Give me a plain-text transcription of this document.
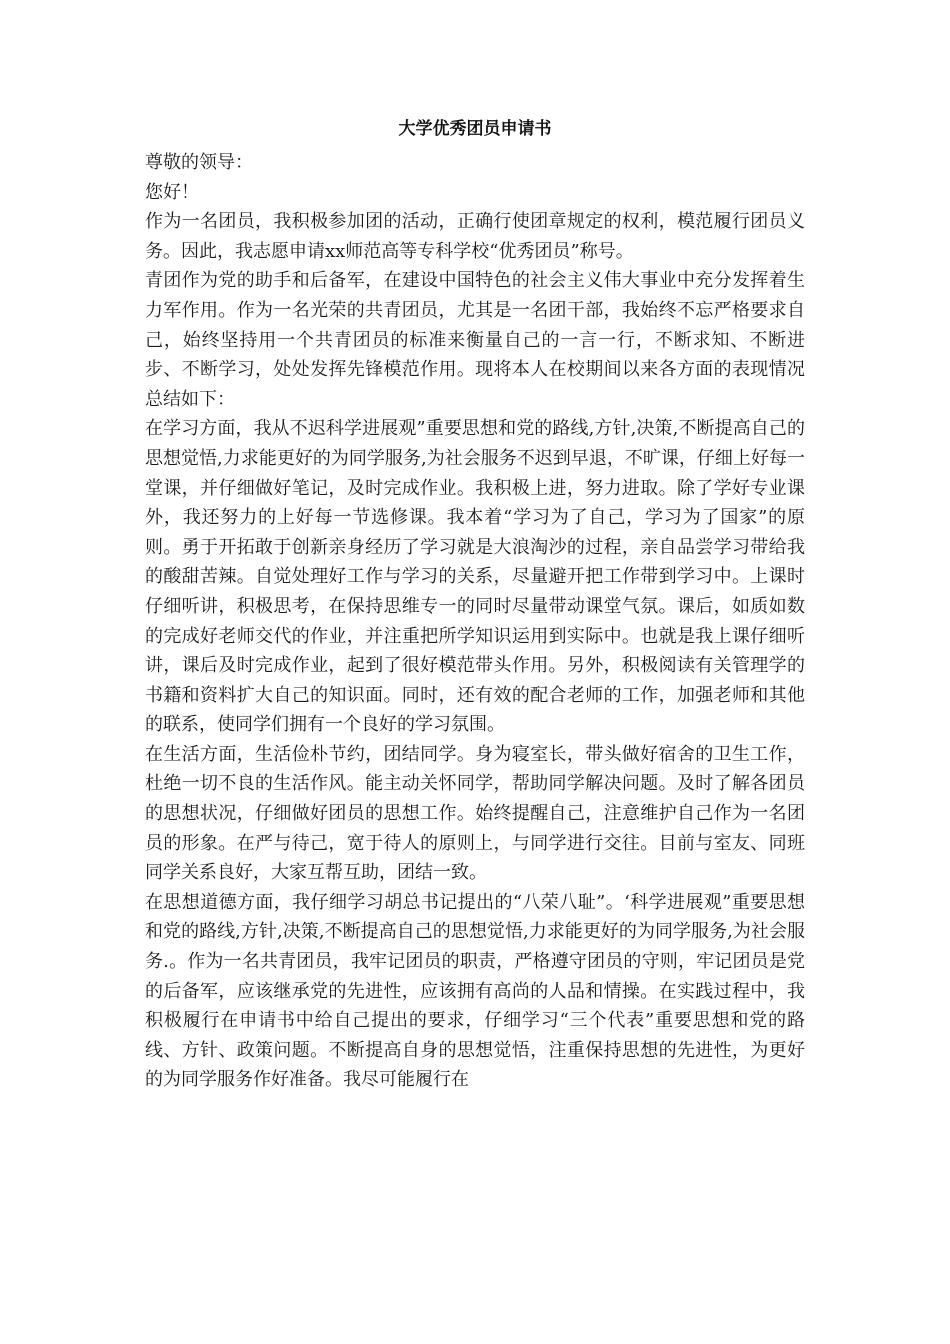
大学优秀团员申请书

尊敬的领导：

您好！

作为一名团员，我积极参加团的活动，正确行使团章规定的权利，模范履行团员义务。因此，我志愿申请xx师范高等专科学校“优秀团员”称号。

青团作为党的助手和后备军，在建设中国特色的社会主义伟大事业中充分发挥着生力军作用。作为一名光荣的共青团员，尤其是一名团干部，我始终不忘严格要求自己，始终坚持用一个共青团员的标准来衡量自己的一言一行，不断求知、不断进步、不断学习，处处发挥先锋模范作用。现将本人在校期间以来各方面的表现情况总结如下：

在学习方面，我从不迟科学进展观”重要思想和党的路线,方针,决策,不断提高自己的思想觉悟,力求能更好的为同学服务,为社会服务不迟到早退，不旷课，仔细上好每一堂课，并仔细做好笔记，及时完成作业。我积极上进，努力进取。除了学好专业课外，我还努力的上好每一节选修课。我本着“学习为了自己，学习为了国家”的原则。勇于开拓敢于创新亲身经历了学习就是大浪淘沙的过程，亲自品尝学习带给我的酸甜苦辣。自觉处理好工作与学习的关系，尽量避开把工作带到学习中。上课时仔细听讲，积极思考，在保持思维专一的同时尽量带动课堂气氛。课后，如质如数的完成好老师交代的作业，并注重把所学知识运用到实际中。也就是我上课仔细听讲，课后及时完成作业，起到了很好模范带头作用。另外，积极阅读有关管理学的书籍和资料扩大自己的知识面。同时，还有效的配合老师的工作，加强老师和其他的联系，使同学们拥有一个良好的学习氛围。

在生活方面，生活俭朴节约，团结同学。身为寝室长，带头做好宿舍的卫生工作，杜绝一切不良的生活作风。能主动关怀同学，帮助同学解决问题。及时了解各团员的思想状况，仔细做好团员的思想工作。始终提醒自己，注意维护自己作为一名团员的形象。在严与待己，宽于待人的原则上，与同学进行交往。目前与室友、同班同学关系良好，大家互帮互助，团结一致。

在思想道德方面，我仔细学习胡总书记提出的“八荣八耻”。‘科学进展观”重要思想和党的路线,方针,决策,不断提高自己的思想觉悟,力求能更好的为同学服务,为社会服务.。作为一名共青团员，我牢记团员的职责，严格遵守团员的守则，牢记团员是党的后备军，应该继承党的先进性，应该拥有高尚的人品和情操。在实践过程中，我积极履行在申请书中给自己提出的要求，仔细学习“三个代表”重要思想和党的路线、方针、政策问题。不断提高自身的思想觉悟，注重保持思想的先进性，为更好的为同学服务作好准备。我尽可能履行在
